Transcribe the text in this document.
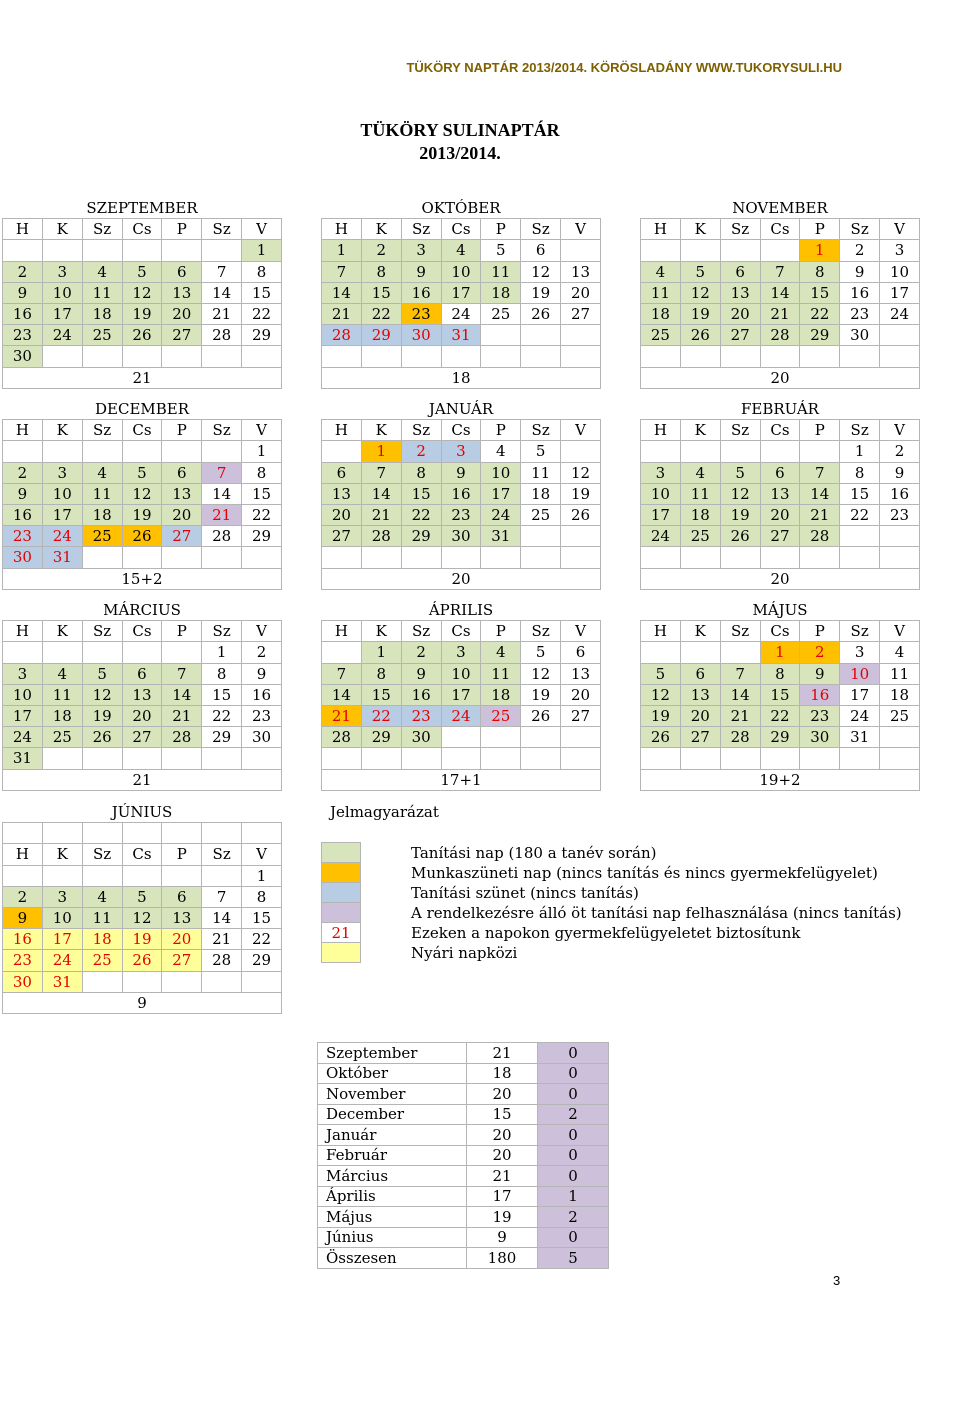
TÜKÖRY NAPTÁR 2013/2014. KÖRÖSLADÁNY WWW.TUKORYSULI.HU
TÜKÖRY SULINAPTÁR
2013/2014.
SZEPTEMBER						
H	K	Sz	Cs	P	Sz	V
						1
2	3	4	5	6	7	8
9	10	11	12	13	14	15
16	17	18	19	20	21	22
23	24	25	26	27	28	29
30						
21						
OKTÓBER						
H	K	Sz	Cs	P	Sz	V
1	2	3	4	5	6	
7	8	9	10	11	12	13
14	15	16	17	18	19	20
21	22	23	24	25	26	27
28	29	30	31			

18						
NOVEMBER						
H	K	Sz	Cs	P	Sz	V
				1	2	3
4	5	6	7	8	9	10
11	12	13	14	15	16	17
18	19	20	21	22	23	24
25	26	27	28	29	30	

20						
DECEMBER						
H	K	Sz	Cs	P	Sz	V
						1
2	3	4	5	6	7	8
9	10	11	12	13	14	15
16	17	18	19	20	21	22
23	24	25	26	27	28	29
30	31					
15+2						
JANUÁR						
H	K	Sz	Cs	P	Sz	V
	1	2	3	4	5	
6	7	8	9	10	11	12
13	14	15	16	17	18	19
20	21	22	23	24	25	26
27	28	29	30	31		

20						
FEBRUÁR						
H	K	Sz	Cs	P	Sz	V
					1	2
3	4	5	6	7	8	9
10	11	12	13	14	15	16
17	18	19	20	21	22	23
24	25	26	27	28		

20						
MÁRCIUS						
H	K	Sz	Cs	P	Sz	V
					1	2
3	4	5	6	7	8	9
10	11	12	13	14	15	16
17	18	19	20	21	22	23
24	25	26	27	28	29	30
31						
21						
ÁPRILIS						
H	K	Sz	Cs	P	Sz	V
	1	2	3	4	5	6
7	8	9	10	11	12	13
14	15	16	17	18	19	20
21	22	23	24	25	26	27
28	29	30				

17+1						
MÁJUS						
H	K	Sz	Cs	P	Sz	V
			1	2	3	4
5	6	7	8	9	10	11
12	13	14	15	16	17	18
19	20	21	22	23	24	25
26	27	28	29	30	31	

19+2						
JÚNIUS						

H	K	Sz	Cs	P	Sz	V
						1
2	3	4	5	6	7	8
9	10	11	12	13	14	15
16	17	18	19	20	21	22
23	24	25	26	27	28	29
30	31					
9						
Jelmagyarázat
	Tanítási nap (180 a tanév során)
	Munkaszüneti nap (nincs tanítás és nincs gyermekfelügyelet)
	Tanítási szünet (nincs tanítás)
	A rendelkezésre álló öt tanítási nap felhasználása (nincs tanítás)
21	Ezeken a napokon gyermekfelügyeletet biztosítunk
	Nyári napközi
Szeptember	21	0
Október	18	0
November	20	0
December	15	2
Január	20	0
Február	20	0
Március	21	0
Április	17	1
Május	19	2
Június	9	0
Összesen	180	5
3
